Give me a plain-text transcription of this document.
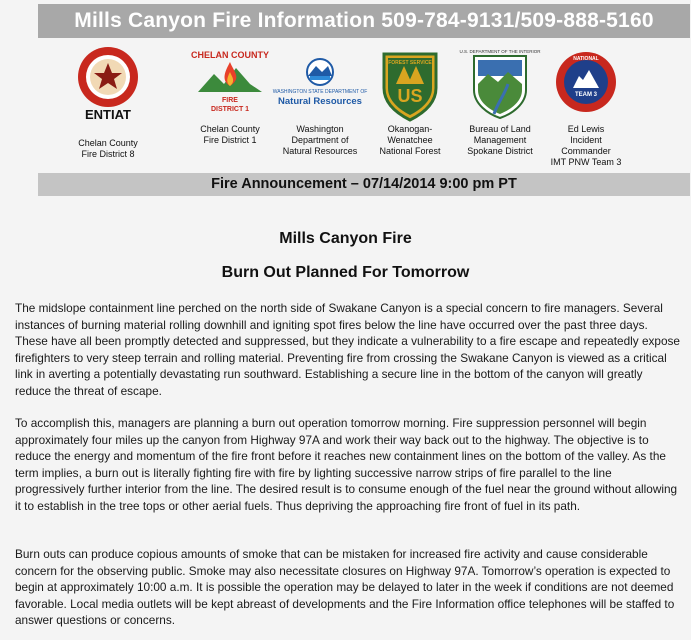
Mills Canyon Fire Information 509-784-9131/509-888-5160
ENTIAT
CHELAN COUNTY
FIRE
DISTRICT 1
Chelan County
Fire District 1
WASHINGTON STATE DEPARTMENT OF
Natural Resources
Washington
Department of
Natural Resources
US
FOREST SERVICE
Okanogan-
Wenatchee
National Forest
U.S. DEPARTMENT OF THE INTERIOR
Bureau of Land
Management
Spokane District
NATIONAL
TEAM 3
Ed Lewis
Incident
Commander
IMT PNW Team 3
Chelan County
Fire District 8
Fire Announcement – 07/14/2014 9:00 pm PT
Mills Canyon Fire
Burn Out Planned For Tomorrow

The midslope containment line perched on the north side of Swakane Canyon is a special concern to fire managers. Several instances of burning material rolling downhill and igniting spot fires below the line have occurred over the past three days. These have all been promptly detected and suppressed, but they indicate a vulnerability to a fire escape and repeatedly expose firefighters to very steep terrain and rolling material. Preventing fire from crossing the Swakane Canyon is viewed as a critical link in averting a potentially devastating run southward. Establishing a secure line in the bottom of the canyon will greatly reduce the threat of escape.

To accomplish this, managers are planning a burn out operation tomorrow morning. Fire suppression personnel will begin approximately four miles up the canyon from Highway 97A and work their way back out to the highway. The objective is to reduce the energy and momentum of the fire front before it reaches new containment lines on the bottom of the valley. As the term implies, a burn out is literally fighting fire with fire by lighting successive narrow strips of fire parallel to the line progressively further interior from the line. The desired result is to consume enough of the fuel near the ground without allowing it to establish in the tree tops or other aerial fuels. Thus depriving the approaching fire front of fuel in its path.

Burn outs can produce copious amounts of smoke that can be mistaken for increased fire activity and cause considerable concern for the observing public. Smoke may also necessitate closures on Highway 97A. Tomorrow’s operation is expected to begin at approximately 10:00 a.m. It is possible the operation may be delayed to later in the week if conditions are not deemed favorable. Local media outlets will be kept abreast of developments and the Fire Information office telephones will be staffed to answer questions or concerns.
